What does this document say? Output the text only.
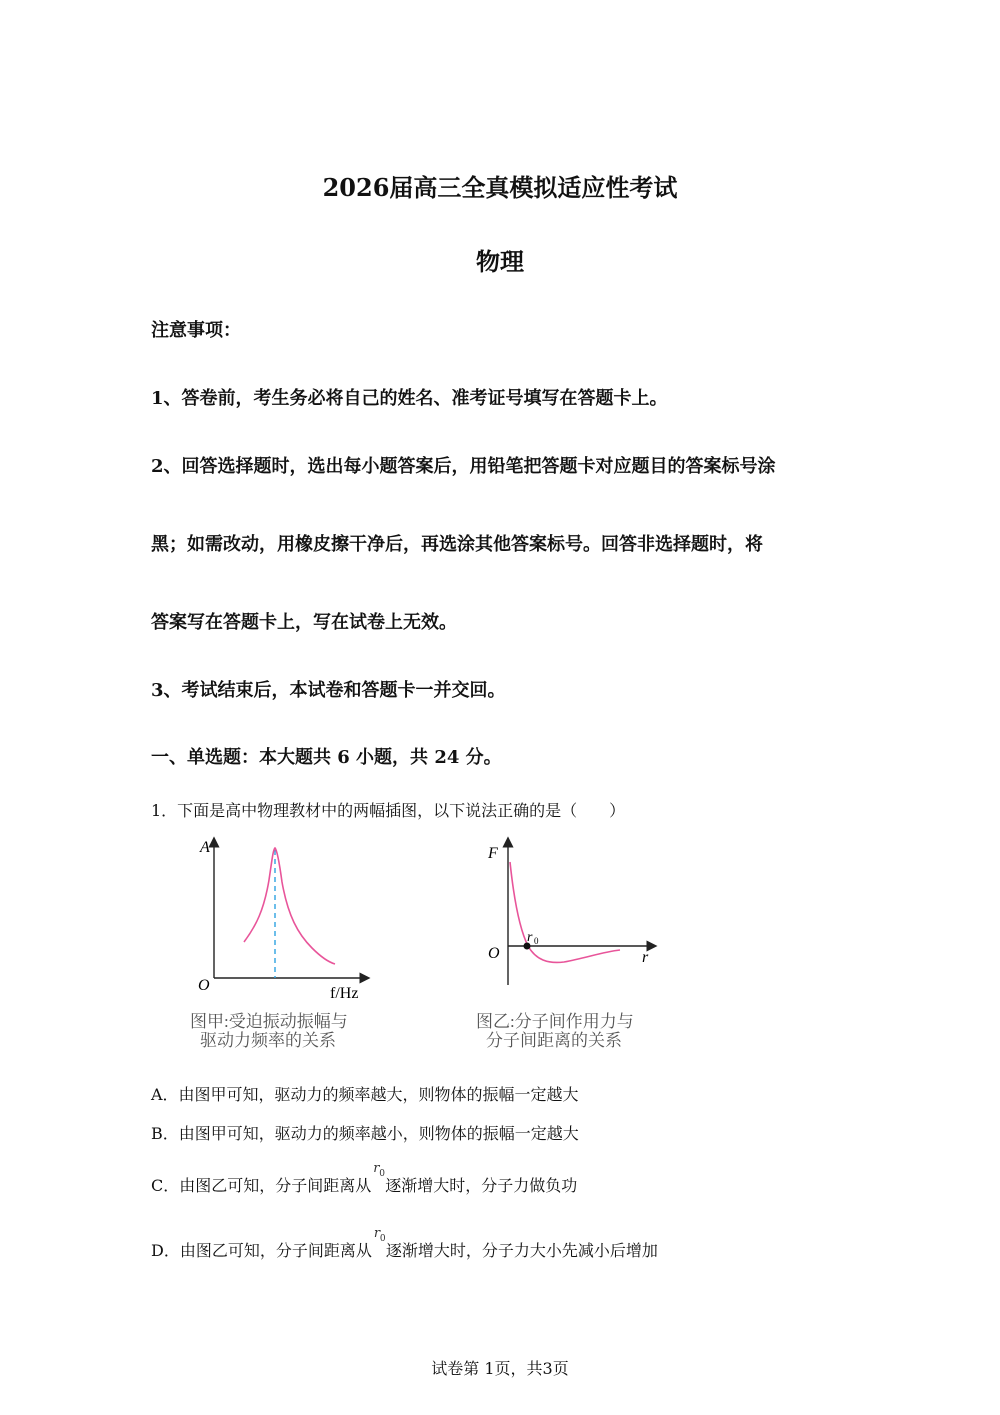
2026届高三全真模拟适应性考试
物理
注意事项：
1、答卷前，考生务必将自己的姓名、准考证号填写在答题卡上。
2、回答选择题时，选出每小题答案后，用铅笔把答题卡对应题目的答案标号涂
黑；如需改动，用橡皮擦干净后，再选涂其他答案标号。回答非选择题时，将
答案写在答题卡上，写在试卷上无效。
3、考试结束后，本试卷和答题卡一并交回。
一、单选题：本大题共 6 小题，共 24 分。
1．下面是高中物理教材中的两幅插图，以下说法正确的是（　　）
A
O	f/Hz
图甲:受迫振动振幅与
驱动力频率的关系
F
O	r
r 0
图乙:分子间作用力与
分子间距离的关系
A．由图甲可知，驱动力的频率越大，则物体的振幅一定越大
B．由图甲可知，驱动力的频率越小，则物体的振幅一定越大
C．由图乙可知，分子间距离从
r 0
逐渐增大时，分子力做负功
D．由图乙可知，分子间距离从
r 0
逐渐增大时，分子力大小先减小后增加
试卷第 1页，共3页
